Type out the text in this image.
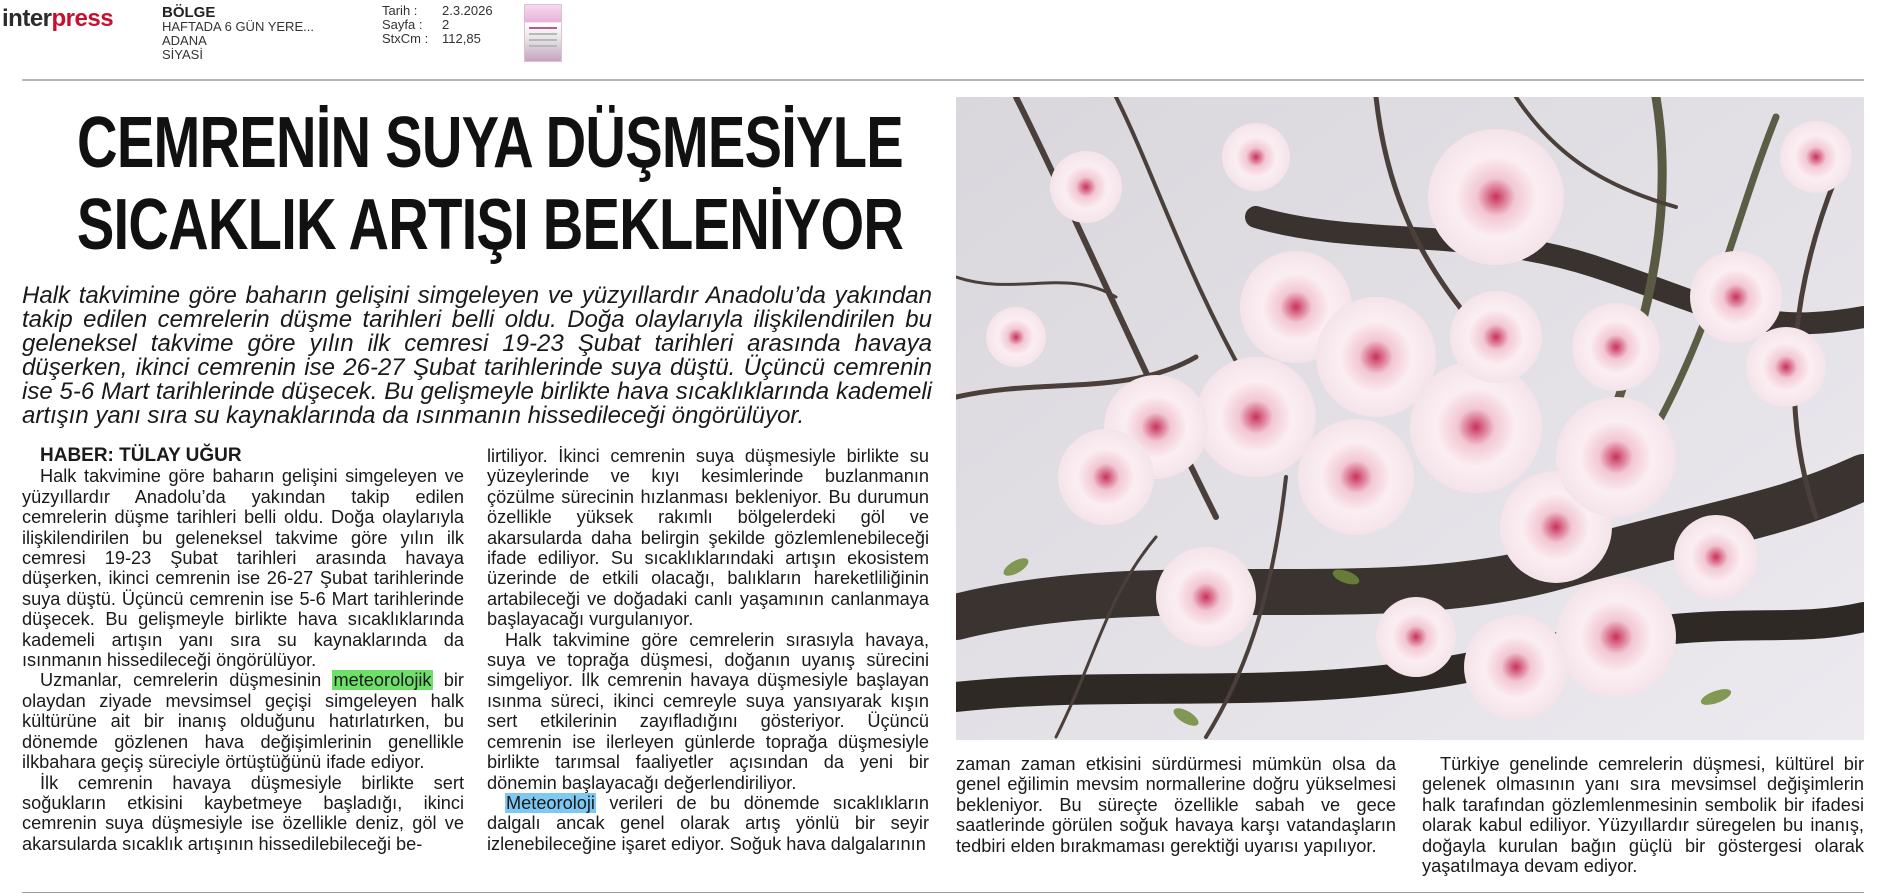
interpress	BÖLGE
HAFTADA 6 GÜN YERE...
ADANA
SİYASİ
Tarih : 2.3.2026
Sayfa : 2
StxCm : 112,85
CEMRENİN SUYA DÜŞMESİYLE
SICAKLIK ARTIŞI BEKLENİYOR

Halk takvimine göre baharın gelişini simgeleyen ve yüzyıllardır Anadolu’da yakından takip edilen cemrelerin düşme tarihleri belli oldu. Doğa olaylarıyla ilişkilendirilen bu geleneksel takvime göre yılın ilk cemresi 19-23 Şubat tarihleri arasında havaya düşerken, ikinci cemrenin ise 26-27 Şubat tarihlerinde suya düştü. Üçüncü cemrenin ise 5-6 Mart tarihlerinde düşecek. Bu gelişmeyle birlikte hava sıcaklıklarında kademeli artışın yanı sıra su kaynaklarında da ısınmanın hissedileceği öngörülüyor.

HABER: TÜLAY UĞUR

Halk takvimine göre baharın gelişini simgeleyen ve yüzyıllardır Anadolu’da yakından takip edilen cemrelerin düşme tarihleri belli oldu. Doğa olaylarıyla ilişkilendirilen bu geleneksel takvime göre yılın ilk cemresi 19-23 Şubat tarihleri arasında havaya düşerken, ikinci cemrenin ise 26-27 Şubat tarihlerinde suya düştü. Üçüncü cemrenin ise 5-6 Mart tarihlerinde düşecek. Bu gelişmeyle birlikte hava sıcaklıklarında kademeli artışın yanı sıra su kaynaklarında da ısınmanın hissedileceği öngörülüyor.

Uzmanlar, cemrelerin düşmesinin meteorolojik bir olaydan ziyade mevsimsel geçişi simgeleyen halk kültürüne ait bir inanış olduğunu hatırlatırken, bu dönemde gözlenen hava değişimlerinin genellikle ilkbahara geçiş süreciyle örtüştüğünü ifade ediyor.

İlk cemrenin havaya düşmesiyle birlikte sert soğukların etkisini kaybetmeye başladığı, ikinci cemrenin suya düşmesiyle ise özellikle deniz, göl ve akarsularda sıcaklık artışının hissedilebileceği be-

lirtiliyor. İkinci cemrenin suya düşmesiyle birlikte su yüzeylerinde ve kıyı kesimlerinde buzlanmanın çözülme sürecinin hızlanması bekleniyor. Bu durumun özellikle yüksek rakımlı bölgelerdeki göl ve akarsularda daha belirgin şekilde gözlemlenebileceği ifade ediliyor. Su sıcaklıklarındaki artışın ekosistem üzerinde de etkili olacağı, balıkların hareketliliğinin artabileceği ve doğadaki canlı yaşamının canlanmaya başlayacağı vurgulanıyor.

Halk takvimine göre cemrelerin sırasıyla havaya, suya ve toprağa düşmesi, doğanın uyanış sürecini simgeliyor. İlk cemrenin havaya düşmesiyle başlayan ısınma süreci, ikinci cemreyle suya yansıyarak kışın sert etkilerinin zayıfladığını gösteriyor. Üçüncü cemrenin ise ilerleyen günlerde toprağa düşmesiyle birlikte tarımsal faaliyetler açısından da yeni bir dönemin başlayacağı değerlendiriliyor.

Meteoroloji verileri de bu dönemde sıcaklıkların dalgalı ancak genel olarak artış yönlü bir seyir izlenebileceğine işaret ediyor. Soğuk hava dalgalarının

zaman zaman etkisini sürdürmesi mümkün olsa da genel eğilimin mevsim normallerine doğru yükselmesi bekleniyor. Bu süreçte özellikle sabah ve gece saatlerinde görülen soğuk havaya karşı vatandaşların tedbiri elden bırakmaması gerektiği uyarısı yapılıyor.

Türkiye genelinde cemrelerin düşmesi, kültürel bir gelenek olmasının yanı sıra mevsimsel değişimlerin halk tarafından gözlemlenmesinin sembolik bir ifadesi olarak kabul ediliyor. Yüzyıllardır süregelen bu inanış, doğayla kurulan bağın güçlü bir göstergesi olarak yaşatılmaya devam ediyor.
